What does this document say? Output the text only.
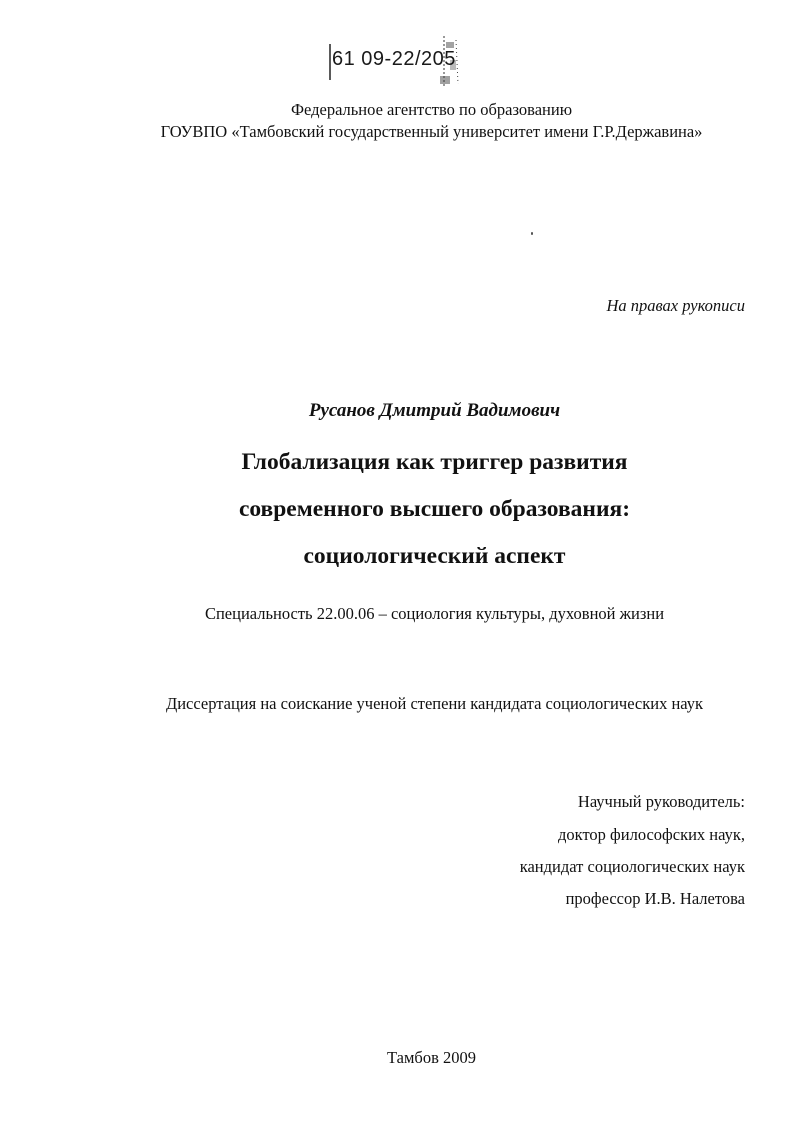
61 09-22/205
Федеральное агентство по образованию
ГОУВПО «Тамбовский государственный университет имени Г.Р.Державина»
На правах рукописи
Русанов Дмитрий Вадимович
Глобализация как триггер развития
современного высшего образования:
социологический аспект
Специальность 22.00.06 – социология культуры, духовной жизни
Диссертация на соискание ученой степени кандидата социологических наук
Научный руководитель:
доктор философских наук,
кандидат социологических наук
профессор И.В. Налетова
Тамбов 2009
